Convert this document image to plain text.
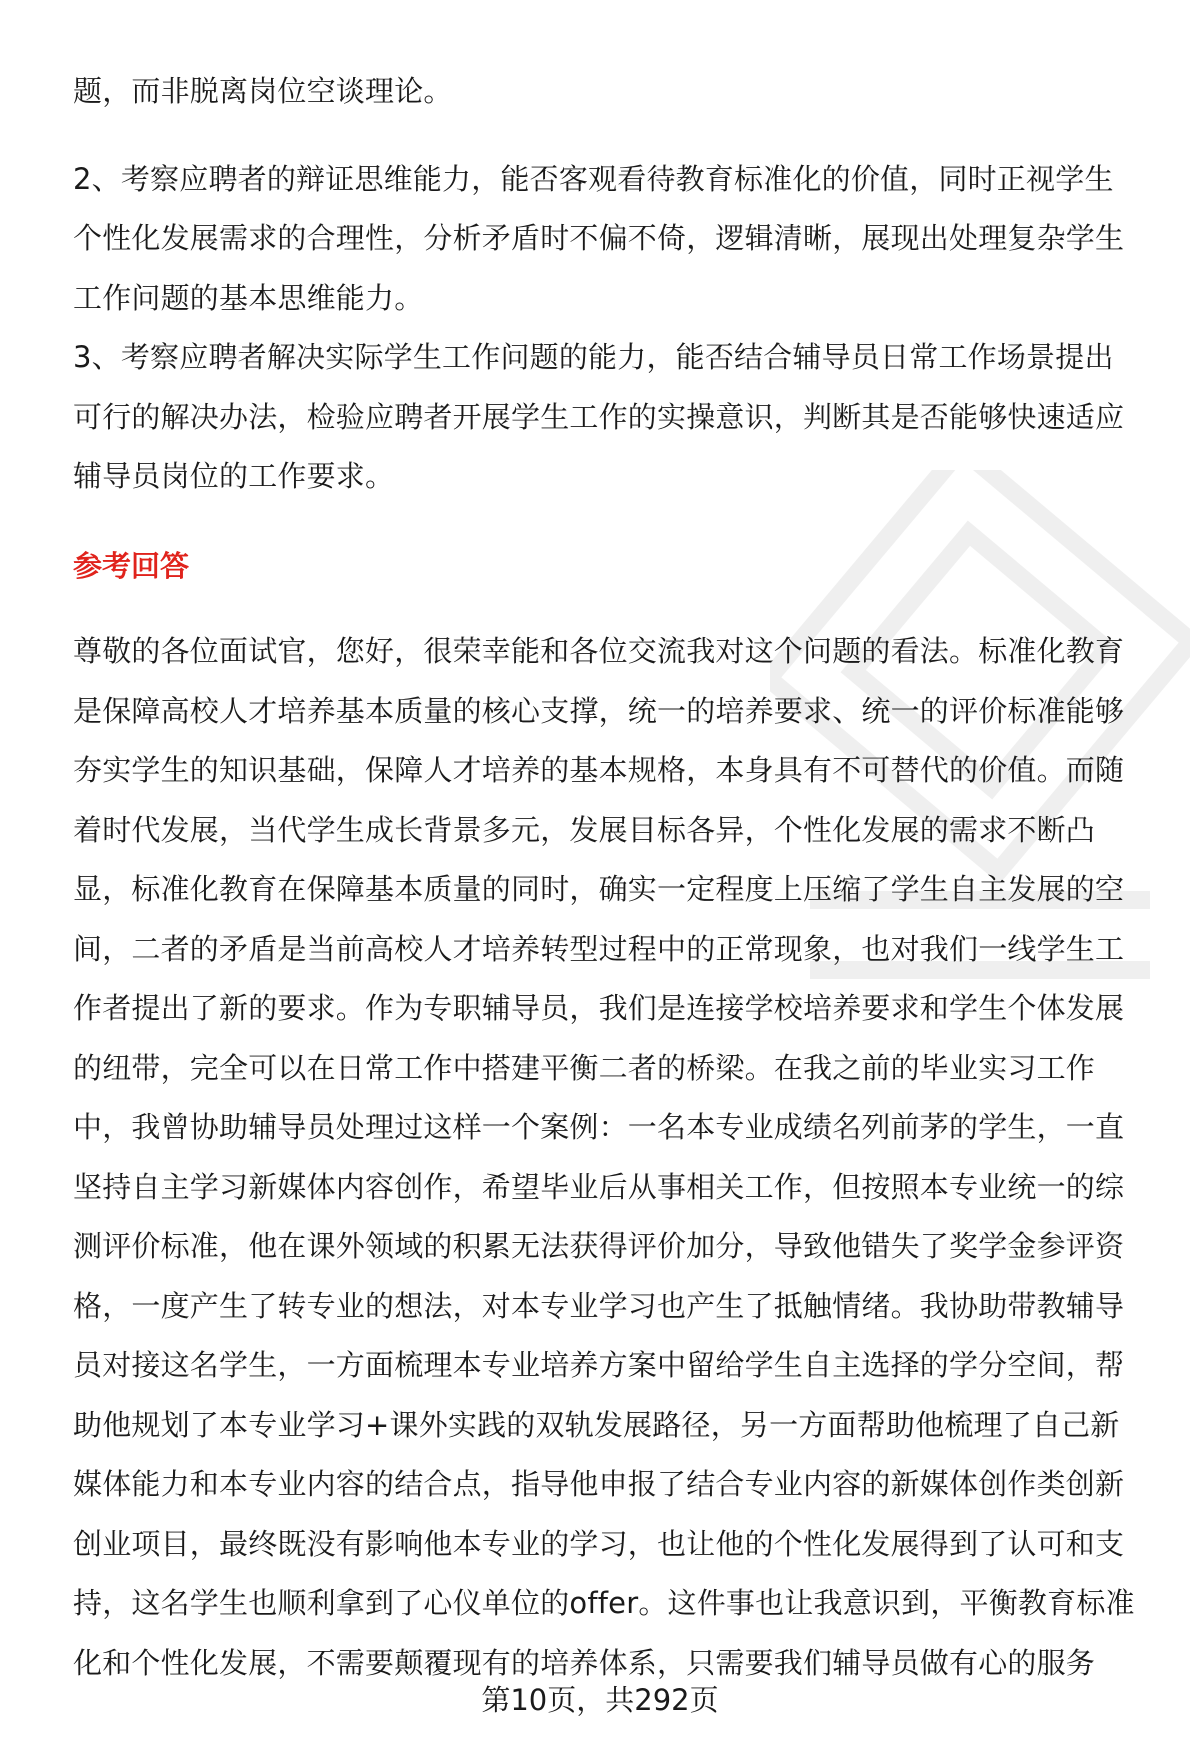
题，而非脱离岗位空谈理论。

2、考察应聘者的辩证思维能力，能否客观看待教育标准化的价值，同时正视学生
个性化发展需求的合理性，分析矛盾时不偏不倚，逻辑清晰，展现出处理复杂学生
工作问题的基本思维能力。

3、考察应聘者解决实际学生工作问题的能力，能否结合辅导员日常工作场景提出
可行的解决办法，检验应聘者开展学生工作的实操意识，判断其是否能够快速适应
辅导员岗位的工作要求。

参考回答

尊敬的各位面试官，您好，很荣幸能和各位交流我对这个问题的看法。标准化教育
是保障高校人才培养基本质量的核心支撑，统一的培养要求、统一的评价标准能够
夯实学生的知识基础，保障人才培养的基本规格，本身具有不可替代的价值。而随
着时代发展，当代学生成长背景多元，发展目标各异，个性化发展的需求不断凸
显，标准化教育在保障基本质量的同时，确实一定程度上压缩了学生自主发展的空
间，二者的矛盾是当前高校人才培养转型过程中的正常现象，也对我们一线学生工
作者提出了新的要求。作为专职辅导员，我们是连接学校培养要求和学生个体发展
的纽带，完全可以在日常工作中搭建平衡二者的桥梁。在我之前的毕业实习工作
中，我曾协助辅导员处理过这样一个案例：一名本专业成绩名列前茅的学生，一直
坚持自主学习新媒体内容创作，希望毕业后从事相关工作，但按照本专业统一的综
测评价标准，他在课外领域的积累无法获得评价加分，导致他错失了奖学金参评资
格，一度产生了转专业的想法，对本专业学习也产生了抵触情绪。我协助带教辅导
员对接这名学生，一方面梳理本专业培养方案中留给学生自主选择的学分空间，帮
助他规划了本专业学习+课外实践的双轨发展路径，另一方面帮助他梳理了自己新
媒体能力和本专业内容的结合点，指导他申报了结合专业内容的新媒体创作类创新
创业项目，最终既没有影响他本专业的学习，也让他的个性化发展得到了认可和支
持，这名学生也顺利拿到了心仪单位的offer。这件事也让我意识到，平衡教育标准
化和个性化发展，不需要颠覆现有的培养体系，只需要我们辅导员做有心的服务

第10页，共292页
